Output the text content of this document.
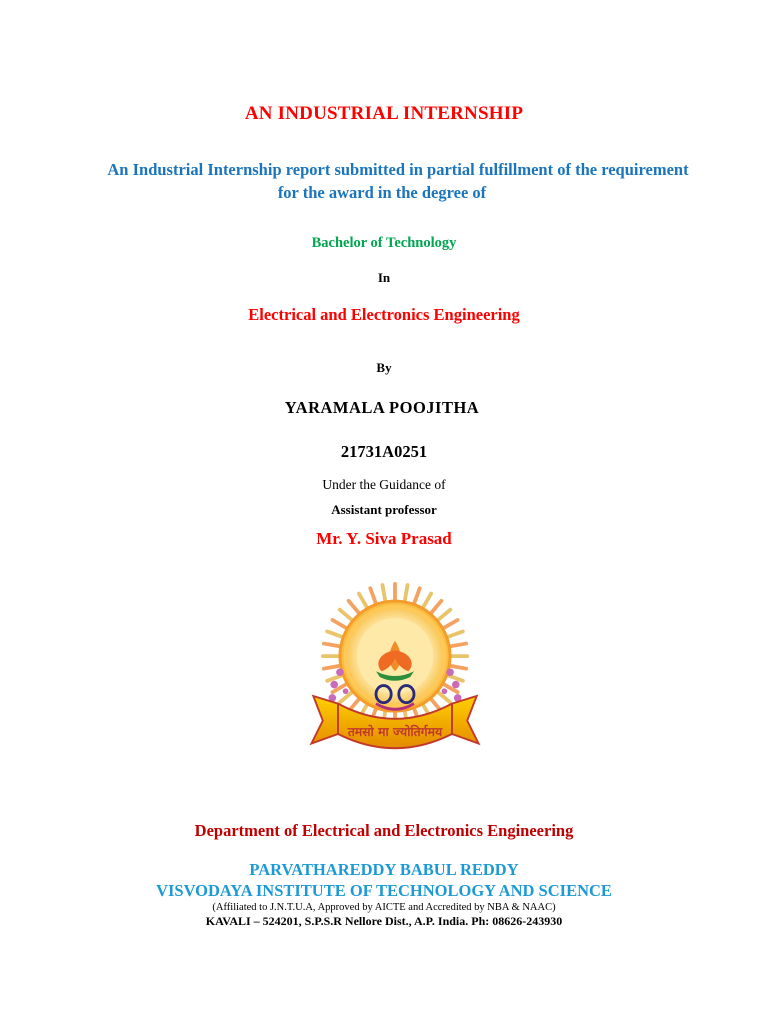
AN INDUSTRIAL INTERNSHIP
An Industrial Internship report submitted in partial fulfillment of the requirement
for the award in the degree of
Bachelor of Technology
In
Electrical and Electronics Engineering
By
YARAMALA POOJITHA
21731A0251
Under the Guidance of
Assistant professor
Mr. Y. Siva Prasad
तमसो मा ज्योतिर्गमय
Department of Electrical and Electronics Engineering
PARVATHAREDDY BABUL REDDY
VISVODAYA INSTITUTE OF TECHNOLOGY AND SCIENCE
(Affiliated to J.N.T.U.A, Approved by AICTE and Accredited by NBA & NAAC)
KAVALI – 524201, S.P.S.R Nellore Dist., A.P. India. Ph: 08626-243930
